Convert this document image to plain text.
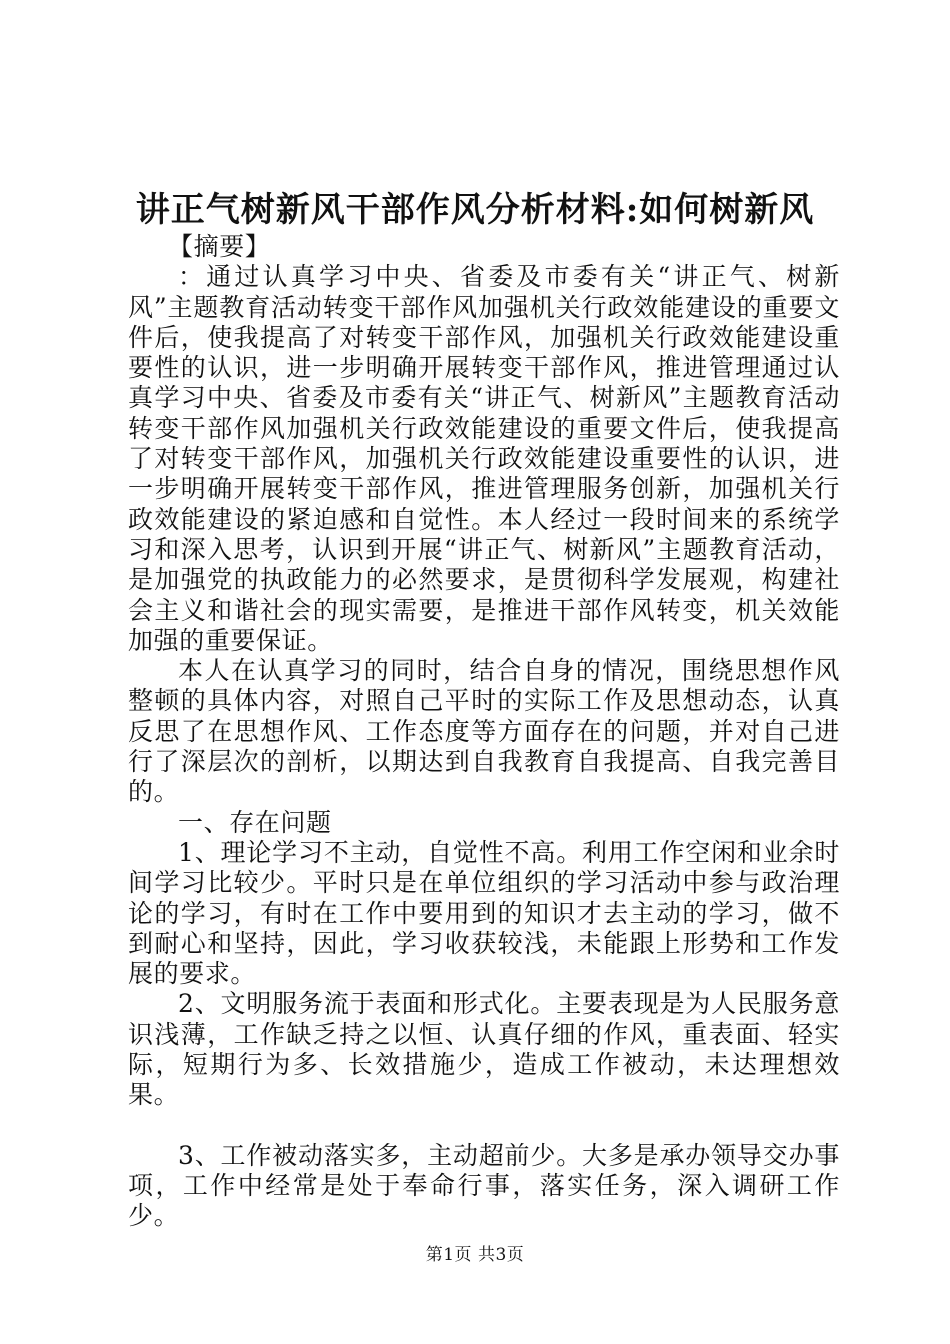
讲正气树新风干部作风分析材料:如何树新风

【摘要】

：通过认真学习中央、省委及市委有关“讲正气、树新风”主题教育活动转变干部作风加强机关行政效能建设的重要文件后，使我提高了对转变干部作风，加强机关行政效能建设重要性的认识，进一步明确开展转变干部作风，推进管理通过认真学习中央、省委及市委有关“讲正气、树新风”主题教育活动转变干部作风加强机关行政效能建设的重要文件后，使我提高了对转变干部作风，加强机关行政效能建设重要性的认识，进一步明确开展转变干部作风，推进管理服务创新，加强机关行政效能建设的紧迫感和自觉性。本人经过一段时间来的系统学习和深入思考，认识到开展“讲正气、树新风”主题教育活动，是加强党的执政能力的必然要求，是贯彻科学发展观，构建社会主义和谐社会的现实需要，是推进干部作风转变，机关效能加强的重要保证。

本人在认真学习的同时，结合自身的情况，围绕思想作风整顿的具体内容，对照自己平时的实际工作及思想动态，认真反思了在思想作风、工作态度等方面存在的问题，并对自己进行了深层次的剖析，以期达到自我教育自我提高、自我完善目的。

一、存在问题

1、理论学习不主动，自觉性不高。利用工作空闲和业余时间学习比较少。平时只是在单位组织的学习活动中参与政治理论的学习，有时在工作中要用到的知识才去主动的学习，做不到耐心和坚持，因此，学习收获较浅，未能跟上形势和工作发展的要求。

2、文明服务流于表面和形式化。主要表现是为人民服务意识浅薄，工作缺乏持之以恒、认真仔细的作风，重表面、轻实际，短期行为多、长效措施少，造成工作被动，未达理想效果。

3、工作被动落实多，主动超前少。大多是承办领导交办事项，工作中经常是处于奉命行事，落实任务，深入调研工作少。

第1页 共3页
